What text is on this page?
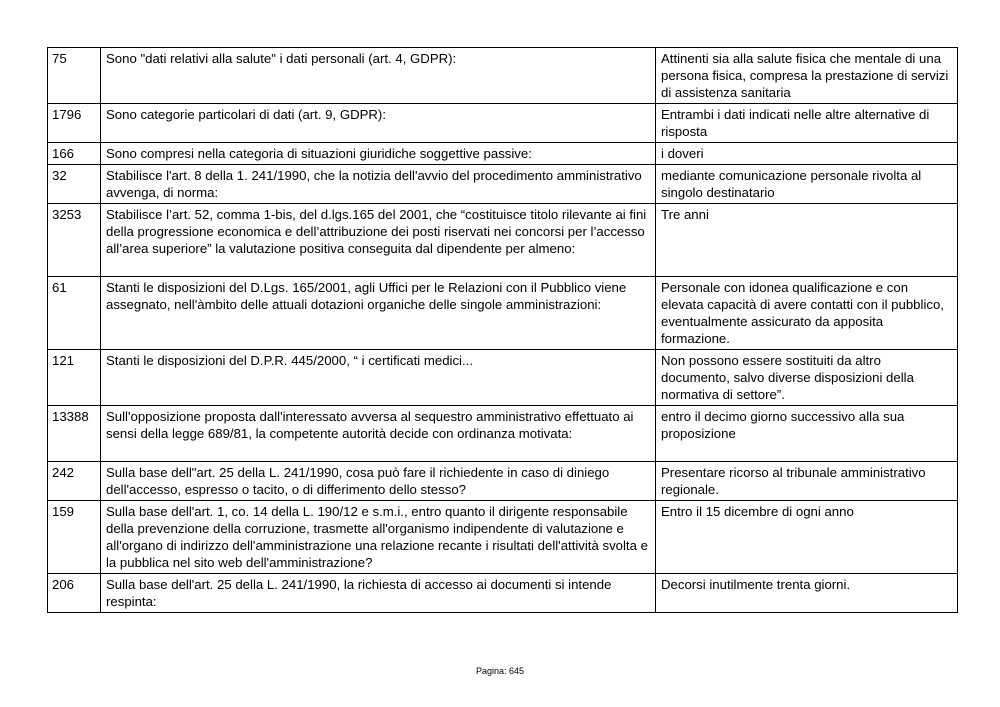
75	Sono "dati relativi alla salute" i dati personali (art. 4, GDPR):	Attinenti sia alla salute fisica che mentale di una persona fisica, compresa la prestazione di servizi di assistenza sanitaria
1796	Sono categorie particolari di dati (art. 9, GDPR):	Entrambi i dati indicati nelle altre alternative di risposta
166	Sono compresi nella categoria di situazioni giuridiche soggettive passive:	i doveri
32	Stabilisce l'art. 8 della 1. 241/1990, che la notizia dell'avvio del procedimento amministrativo avvenga, di norma:	mediante comunicazione personale rivolta al singolo destinatario
3253	Stabilisce l’art. 52, comma 1-bis, del d.lgs.165 del 2001, che “costituisce titolo rilevante ai fini della progressione economica e dell’attribuzione dei posti riservati nei concorsi per l’accesso all’area superiore” la valutazione positiva conseguita dal dipendente per almeno:	Tre anni
61	Stanti le disposizioni del D.Lgs. 165/2001, agli Uffici per le Relazioni con il Pubblico viene assegnato, nell'àmbito delle attuali dotazioni organiche delle singole amministrazioni:	Personale con idonea qualificazione e con elevata capacità di avere contatti con il pubblico, eventualmente assicurato da apposita formazione.
121	Stanti le disposizioni del D.P.R. 445/2000, “ i certificati medici...	Non possono essere sostituiti da altro documento, salvo diverse disposizioni della normativa di settore”.
13388	Sull'opposizione proposta dall'interessato avversa al sequestro amministrativo effettuato ai sensi della legge 689/81, la competente autorità decide con ordinanza motivata:	entro il decimo giorno successivo alla sua proposizione
242	Sulla base dell"art. 25 della L. 241/1990, cosa può fare il richiedente in caso di diniego dell'accesso, espresso o tacito, o di differimento dello stesso?	Presentare ricorso al tribunale amministrativo regionale.
159	Sulla base dell'art. 1, co. 14 della L. 190/12 e s.m.i., entro quanto il dirigente responsabile della prevenzione della corruzione, trasmette all'organismo indipendente di valutazione e all'organo di indirizzo dell'amministrazione una relazione recante i risultati dell'attività svolta e la pubblica nel sito web dell'amministrazione?	Entro il 15 dicembre di ogni anno
206	Sulla base dell'art. 25 della L. 241/1990, la richiesta di accesso ai documenti si intende respinta:	Decorsi inutilmente trenta giorni.
Pagina: 645
